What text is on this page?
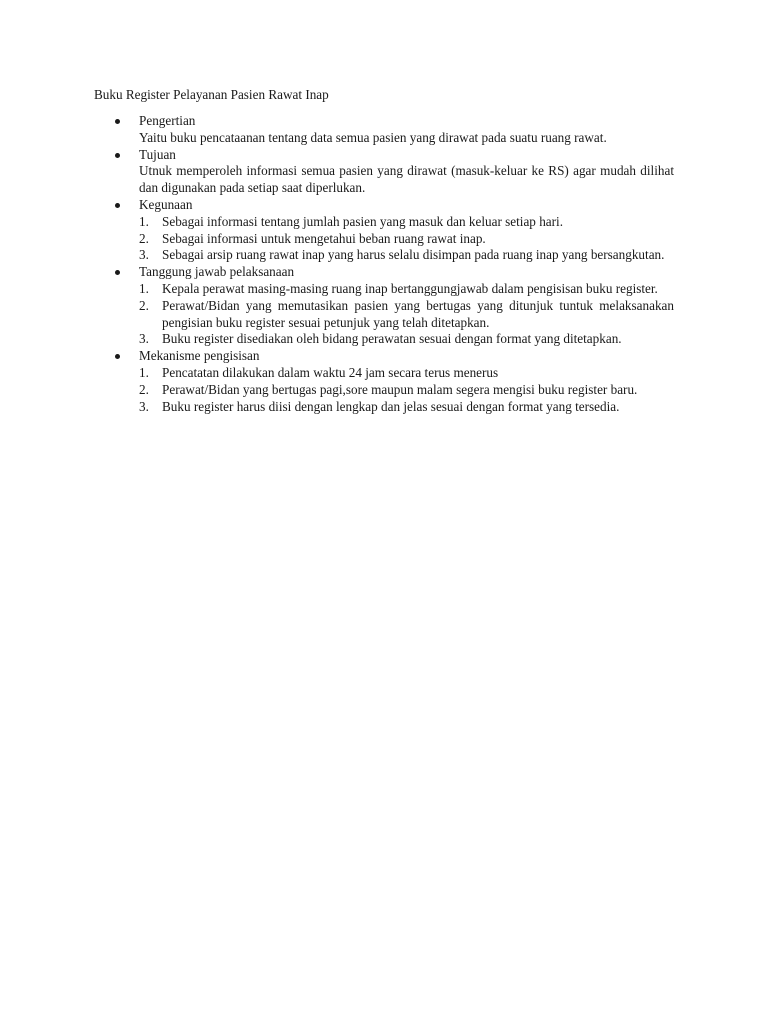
Buku Register Pelayanan Pasien Rawat Inap
Pengertian
Yaitu buku pencataanan tentang data semua pasien yang dirawat pada suatu ruang rawat.
Tujuan
Utnuk memperoleh informasi semua pasien yang dirawat (masuk-keluar ke RS) agar mudah dilihat dan digunakan pada setiap saat diperlukan.
Kegunaan
1. Sebagai informasi tentang jumlah pasien yang masuk dan keluar setiap hari.
2. Sebagai informasi untuk mengetahui beban ruang rawat inap.
3. Sebagai arsip ruang rawat inap yang harus selalu disimpan pada ruang inap yang bersangkutan.
Tanggung jawab pelaksanaan
1. Kepala perawat masing-masing ruang inap bertanggungjawab dalam pengisisan buku register.
2. Perawat/Bidan yang memutasikan pasien yang bertugas yang ditunjuk tuntuk melaksanakan pengisian buku register sesuai petunjuk yang telah ditetapkan.
3. Buku register disediakan oleh bidang perawatan sesuai dengan format yang ditetapkan.
Mekanisme pengisisan
1. Pencatatan dilakukan dalam waktu 24 jam secara terus menerus
2. Perawat/Bidan yang bertugas pagi,sore maupun malam segera mengisi buku register baru.
3. Buku register harus diisi dengan lengkap dan jelas sesuai dengan format yang tersedia.
